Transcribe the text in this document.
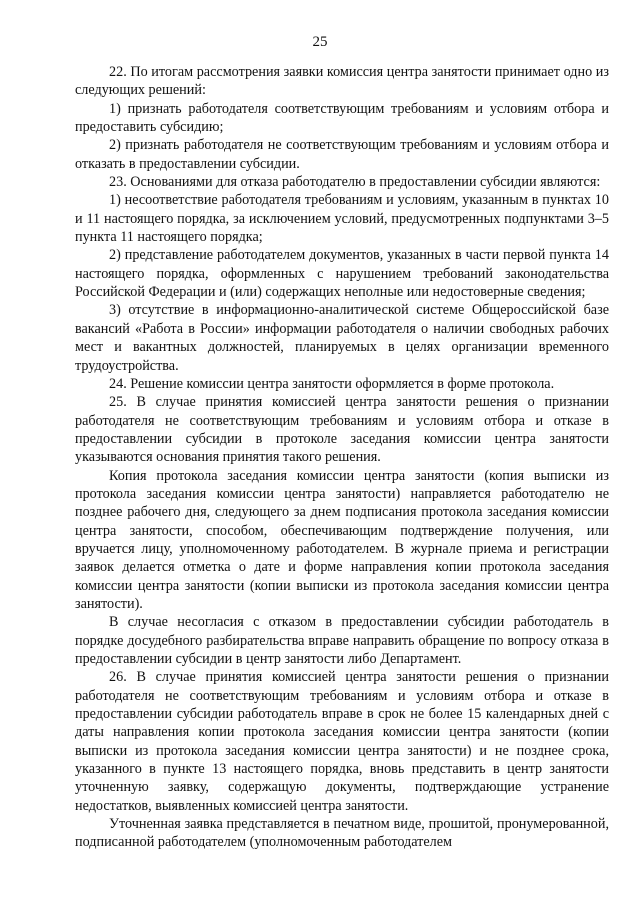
25

22. По итогам рассмотрения заявки комиссия центра занятости принимает одно из следующих решений:

1) признать работодателя соответствующим требованиям и условиям отбора и предоставить субсидию;

2) признать работодателя не соответствующим требованиям и условиям отбора и отказать в предоставлении субсидии.

23. Основаниями для отказа работодателю в предоставлении субсидии являются:

1) несоответствие работодателя требованиям и условиям, указанным в пунктах 10 и 11 настоящего порядка, за исключением условий, предусмотренных подпунктами 3–5 пункта 11 настоящего порядка;

2) представление работодателем документов, указанных в части первой пункта 14 настоящего порядка, оформленных с нарушением требований законодательства Российской Федерации и (или) содержащих неполные или недостоверные сведения;

3) отсутствие в информационно-аналитической системе Общероссийской базе вакансий «Работа в России» информации работодателя о наличии свободных рабочих мест и вакантных должностей, планируемых в целях организации временного трудоустройства.

24. Решение комиссии центра занятости оформляется в форме протокола.

25. В случае принятия комиссией центра занятости решения о признании работодателя не соответствующим требованиям и условиям отбора и отказе в предоставлении субсидии в протоколе заседания комиссии центра занятости указываются основания принятия такого решения.

Копия протокола заседания комиссии центра занятости (копия выписки из протокола заседания комиссии центра занятости) направляется работодателю не позднее рабочего дня, следующего за днем подписания протокола заседания комиссии центра занятости, способом, обеспечивающим подтверждение получения, или вручается лицу, уполномоченному работодателем. В журнале приема и регистрации заявок делается отметка о дате и форме направления копии протокола заседания комиссии центра занятости (копии выписки из протокола заседания комиссии центра занятости).

В случае несогласия с отказом в предоставлении субсидии работодатель в порядке досудебного разбирательства вправе направить обращение по вопросу отказа в предоставлении субсидии в центр занятости либо Департамент.

26. В случае принятия комиссией центра занятости решения о признании работодателя не соответствующим требованиям и условиям отбора и отказе в предоставлении субсидии работодатель вправе в срок не более 15 календарных дней с даты направления копии протокола заседания комиссии центра занятости (копии выписки из протокола заседания комиссии центра занятости) и не позднее срока, указанного в пункте 13 настоящего порядка, вновь представить в центр занятости уточненную заявку, содержащую документы, подтверждающие устранение недостатков, выявленных комиссией центра занятости.

Уточненная заявка представляется в печатном виде, прошитой, пронумерованной, подписанной работодателем (уполномоченным работодателем
